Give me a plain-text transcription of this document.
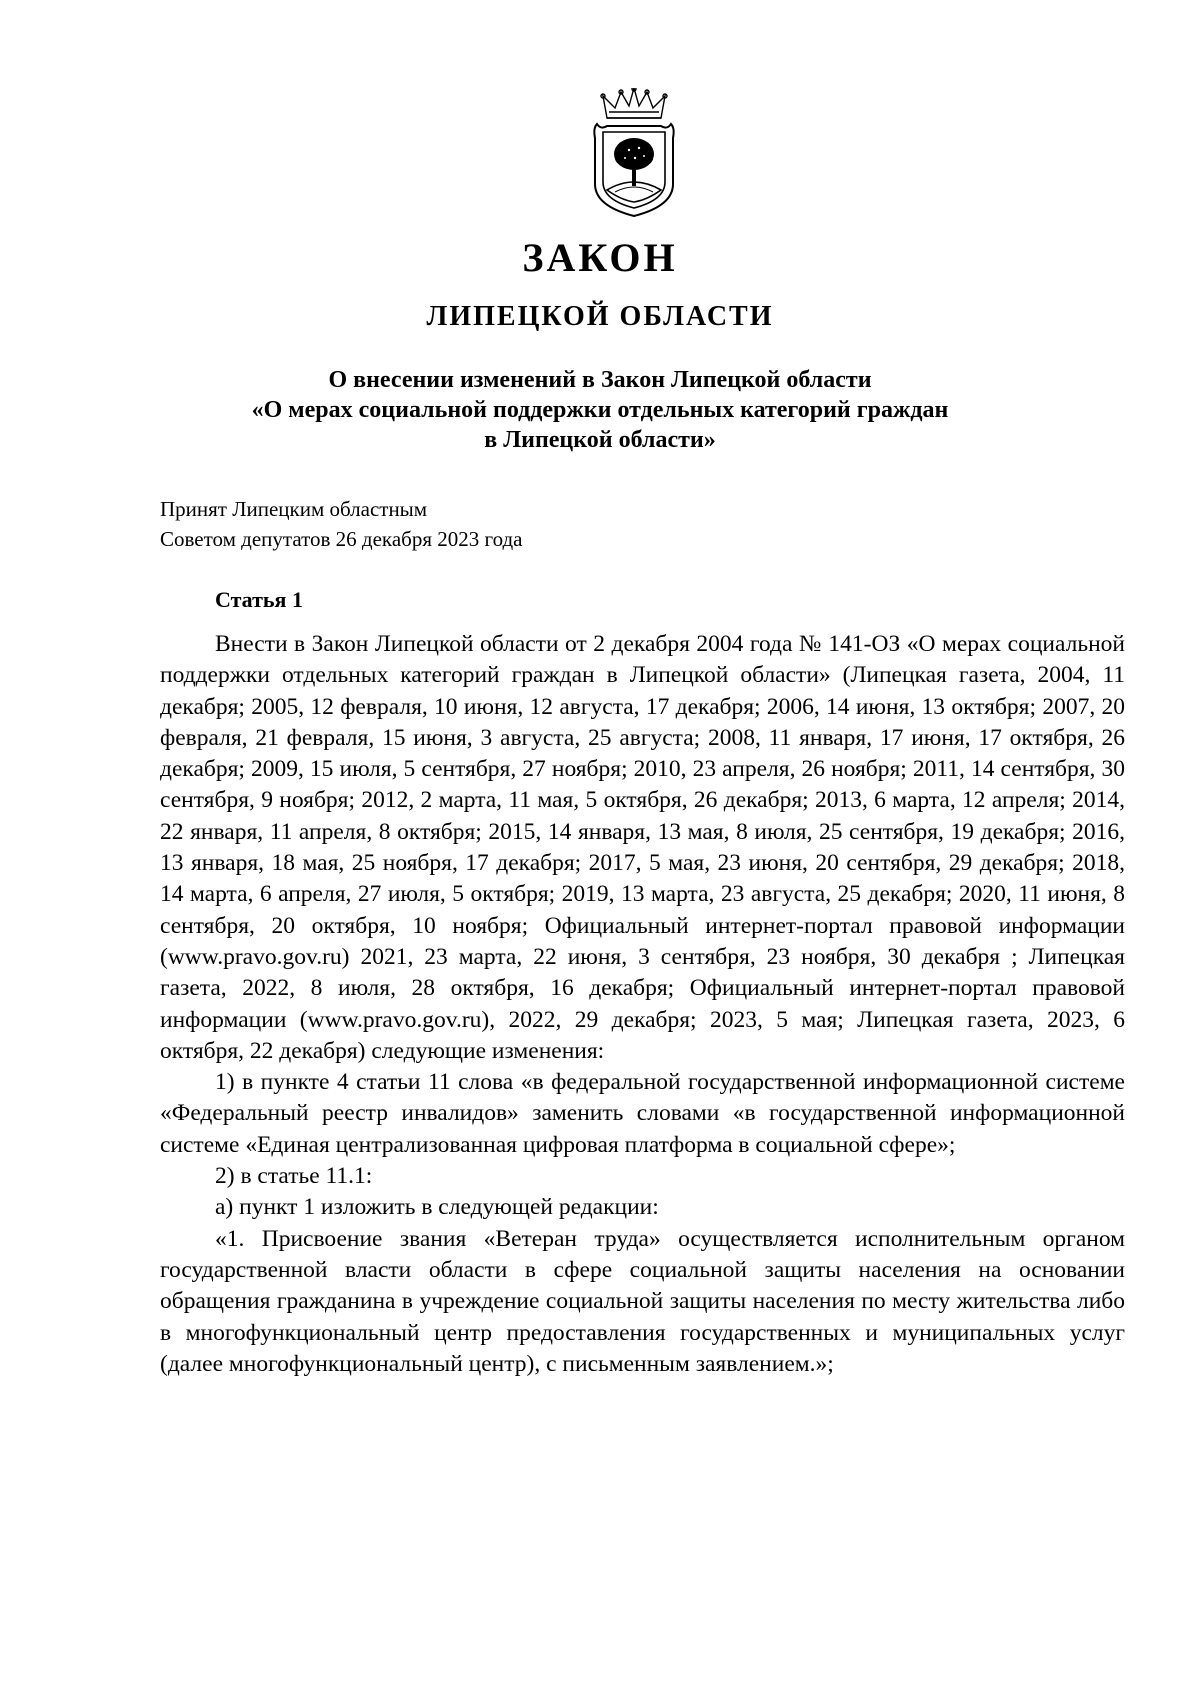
ЗАКОН
ЛИПЕЦКОЙ ОБЛАСТИ
О внесении изменений в Закон Липецкой области
«О мерах социальной поддержки отдельных категорий граждан
в Липецкой области»
Принят Липецким областным
Советом депутатов 26 декабря 2023 года
Статья 1

Внести в Закон Липецкой области от 2 декабря 2004 года № 141-ОЗ «О мерах социальной поддержки отдельных категорий граждан в Липецкой области» (Липецкая газета, 2004, 11 декабря; 2005, 12 февраля, 10 июня, 12 августа, 17 декабря; 2006, 14 июня, 13 октября; 2007, 20 февраля, 21 февраля, 15 июня, 3 августа, 25 августа; 2008, 11 января, 17 июня, 17 октября, 26 декабря; 2009, 15 июля, 5 сентября, 27 ноября; 2010, 23 апреля, 26 ноября; 2011, 14 сентября, 30 сентября, 9 ноября; 2012, 2 марта, 11 мая, 5 октября, 26 декабря; 2013, 6 марта, 12 апреля; 2014, 22 января, 11 апреля, 8 октября; 2015, 14 января, 13 мая, 8 июля, 25 сентября, 19 декабря; 2016, 13 января, 18 мая, 25 ноября, 17 декабря; 2017, 5 мая, 23 июня, 20 сентября, 29 декабря; 2018, 14 марта, 6 апреля, 27 июля, 5 октября; 2019, 13 марта, 23 августа, 25 декабря; 2020, 11 июня, 8 сентября, 20 октября, 10 ноября; Официальный интернет-портал правовой информации (www.pravo.gov.ru) 2021, 23 марта, 22 июня, 3 сентября, 23 ноября, 30 декабря ; Липецкая газета, 2022, 8 июля, 28 октября, 16 декабря; Официальный интернет-портал правовой информации (www.pravo.gov.ru), 2022, 29 декабря; 2023, 5 мая; Липецкая газета, 2023, 6 октября, 22 декабря) следующие изменения:

1) в пункте 4 статьи 11 слова «в федеральной государственной информационной системе «Федеральный реестр инвалидов» заменить словами «в государственной информационной системе «Единая централизованная цифровая платформа в социальной сфере»;

2) в статье 11.1:

а) пункт 1 изложить в следующей редакции:

«1. Присвоение звания «Ветеран труда» осуществляется исполнительным органом государственной власти области в сфере социальной защиты населения на основании обращения гражданина в учреждение социальной защиты населения по месту жительства либо в многофункциональный центр предоставления государственных и муниципальных услуг (далее многофункциональный центр), с письменным заявлением.»;
